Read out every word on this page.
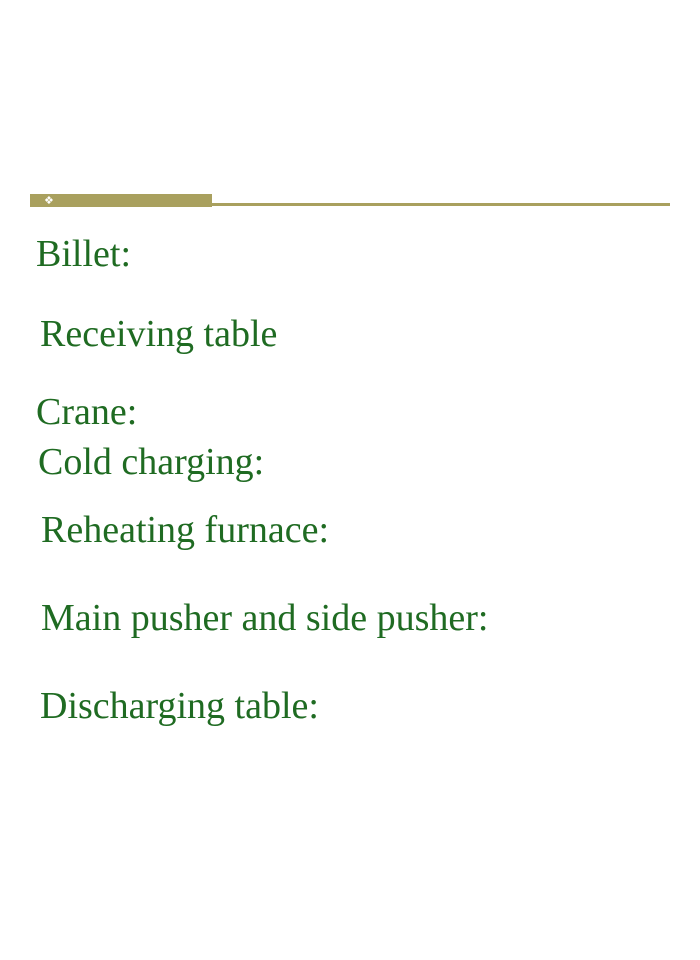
❖
Billet:
Receiving table
Crane:
Cold charging:
Reheating furnace:
Main pusher and side pusher:
Discharging table:
